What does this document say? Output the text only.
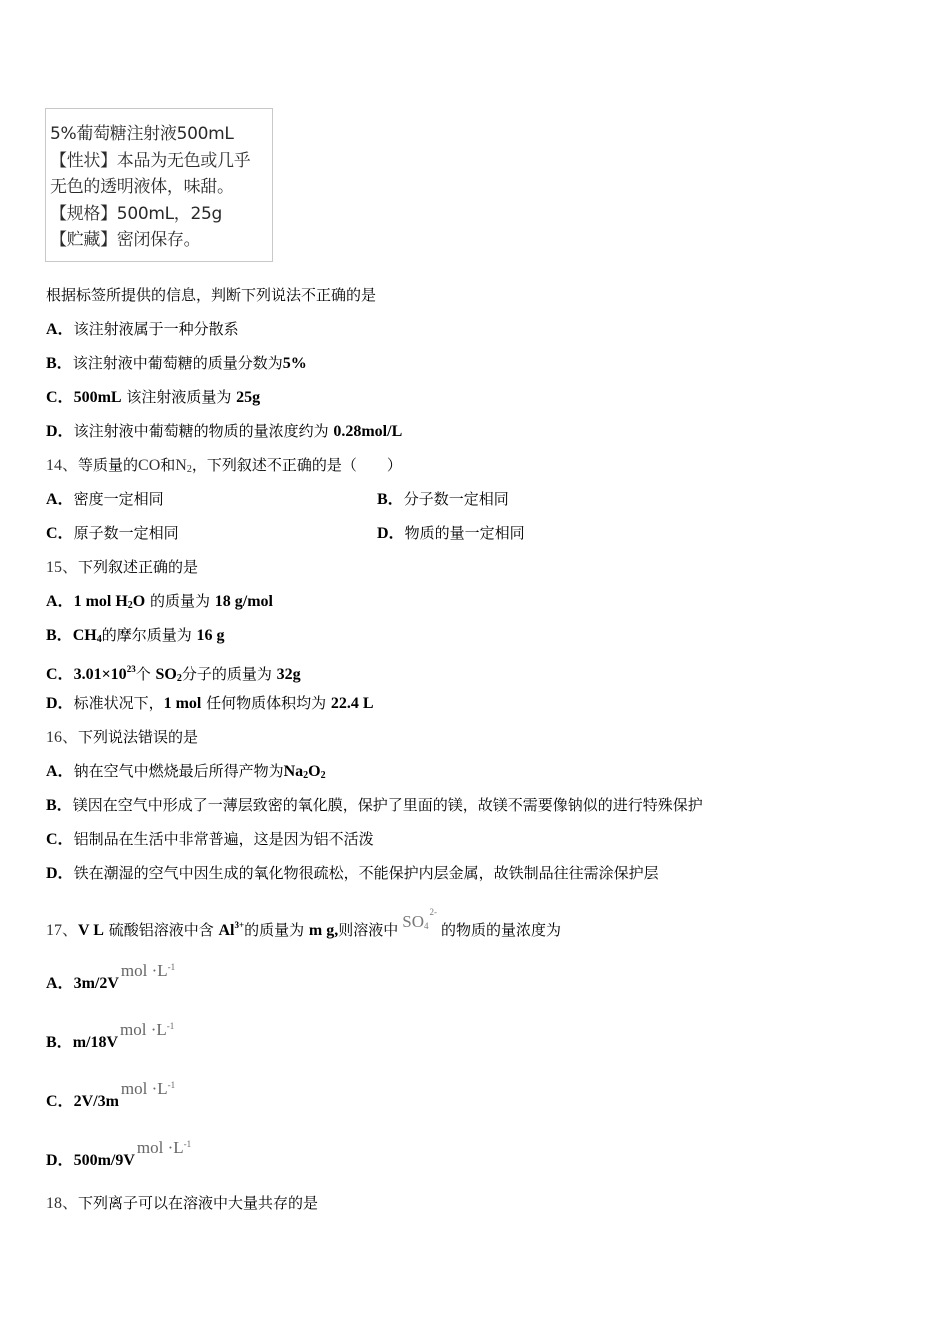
5%葡萄糖注射液500mL
【性状】本品为无色或几乎
无色的透明液体，味甜。
【规格】500mL，25g
【贮藏】密闭保存。
根据标签所提供的信息，判断下列说法不正确的是
A．该注射液属于一种分散系
B．该注射液中葡萄糖的质量分数为5%
C．500mL 该注射液质量为 25g
D．该注射液中葡萄糖的物质的量浓度约为 0.28mol/L
14、等质量的CO和$N_2$，下列叙述不正确的是（　　）
A．密度一定相同	B．分子数一定相同
C．原子数一定相同	D．物质的量一定相同
15、下列叙述正确的是
A．1 mol $H_2O$ 的质量为 18 g/mol
B．$CH_4$的摩尔质量为 16 g
C．$3.01\times 10^{23}$个 $SO_2$分子的质量为 32g
D．标准状况下，1 mol 任何物质体积均为 22.4 L
16、下列说法错误的是
A．钠在空气中燃烧最后所得产物为$Na_2O_2$
B．镁因在空气中形成了一薄层致密的氧化膜，保护了里面的镁，故镁不需要像钠似的进行特殊保护
C．铝制品在生活中非常普遍，这是因为铝不活泼
D．铁在潮湿的空气中因生成的氧化物很疏松，不能保护内层金属，故铁制品往往需涂保护层
17、V L 硫酸铝溶液中含 $Al^{3+}$的质量为 m g,则溶液中 $SO4^{2-}$的物质的量浓度为
A．3m/2Vmol $\cdot L^{-1}$
B．m/18Vmol $\cdot L^{-1}$
C．2V/3mmol $\cdot L^{-1}$
D．500m/9Vmol $\cdot L^{-1}$
18、下列离子可以在溶液中大量共存的是
